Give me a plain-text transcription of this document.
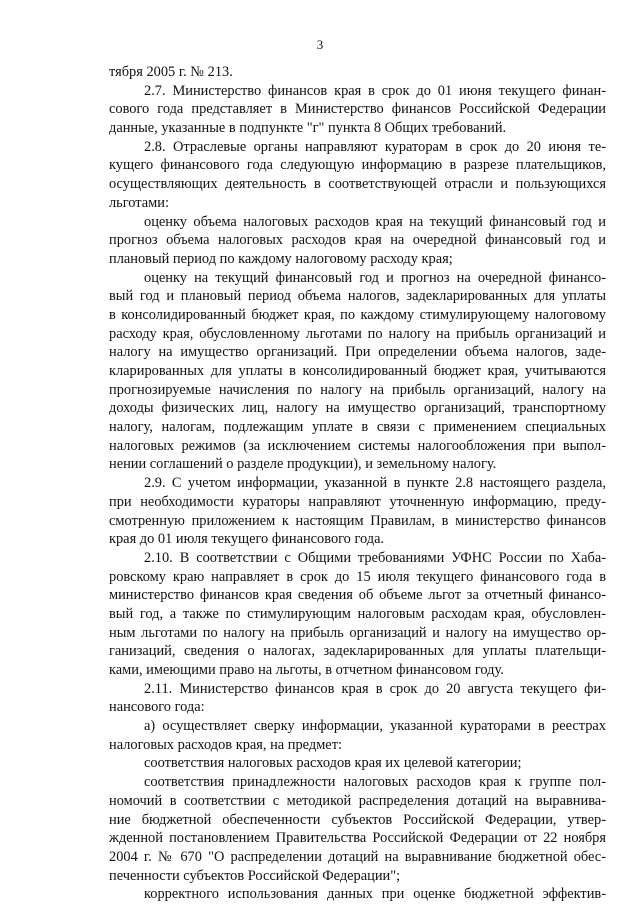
3
тября 2005 г. № 213.
2.7. Министерство финансов края в срок до 01 июня текущего финан-
сового года представляет в Министерство финансов Российской Федерации
данные, указанные в подпункте "г" пункта 8 Общих требований.
2.8. Отраслевые органы направляют кураторам в срок до 20 июня те-
кущего финансового года следующую информацию в разрезе плательщиков,
осуществляющих деятельность в соответствующей отрасли и пользующихся
льготами:
оценку объема налоговых расходов края на текущий финансовый год и
прогноз объема налоговых расходов края на очередной финансовый год и
плановый период по каждому налоговому расходу края;
оценку на текущий финансовый год и прогноз на очередной финансо-
вый год и плановый период объема налогов, задекларированных для уплаты
в консолидированный бюджет края, по каждому стимулирующему налоговому
расходу края, обусловленному льготами по налогу на прибыль организаций и
налогу на имущество организаций. При определении объема налогов, заде-
кларированных для уплаты в консолидированный бюджет края, учитываются
прогнозируемые начисления по налогу на прибыль организаций, налогу на
доходы физических лиц, налогу на имущество организаций, транспортному
налогу, налогам, подлежащим уплате в связи с применением специальных
налоговых режимов (за исключением системы налогообложения при выпол-
нении соглашений о разделе продукции), и земельному налогу.
2.9. С учетом информации, указанной в пункте 2.8 настоящего раздела,
при необходимости кураторы направляют уточненную информацию, преду-
смотренную приложением к настоящим Правилам, в министерство финансов
края до 01 июля текущего финансового года.
2.10. В соответствии с Общими требованиями УФНС России по Хаба-
ровскому краю направляет в срок до 15 июля текущего финансового года в
министерство финансов края сведения об объеме льгот за отчетный финансо-
вый год, а также по стимулирующим налоговым расходам края, обусловлен-
ным льготами по налогу на прибыль организаций и налогу на имущество ор-
ганизаций, сведения о налогах, задекларированных для уплаты плательщи-
ками, имеющими право на льготы, в отчетном финансовом году.
2.11. Министерство финансов края в срок до 20 августа текущего фи-
нансового года:
а) осуществляет сверку информации, указанной кураторами в реестрах
налоговых расходов края, на предмет:
соответствия налоговых расходов края их целевой категории;
соответствия принадлежности налоговых расходов края к группе пол-
номочий в соответствии с методикой распределения дотаций на выравнива-
ние бюджетной обеспеченности субъектов Российской Федерации, утвер-
жденной постановлением Правительства Российской Федерации от 22 ноября
2004 г. № 670 "О распределении дотаций на выравнивание бюджетной обес-
печенности субъектов Российской Федерации";
корректного использования данных при оценке бюджетной эффектив-
